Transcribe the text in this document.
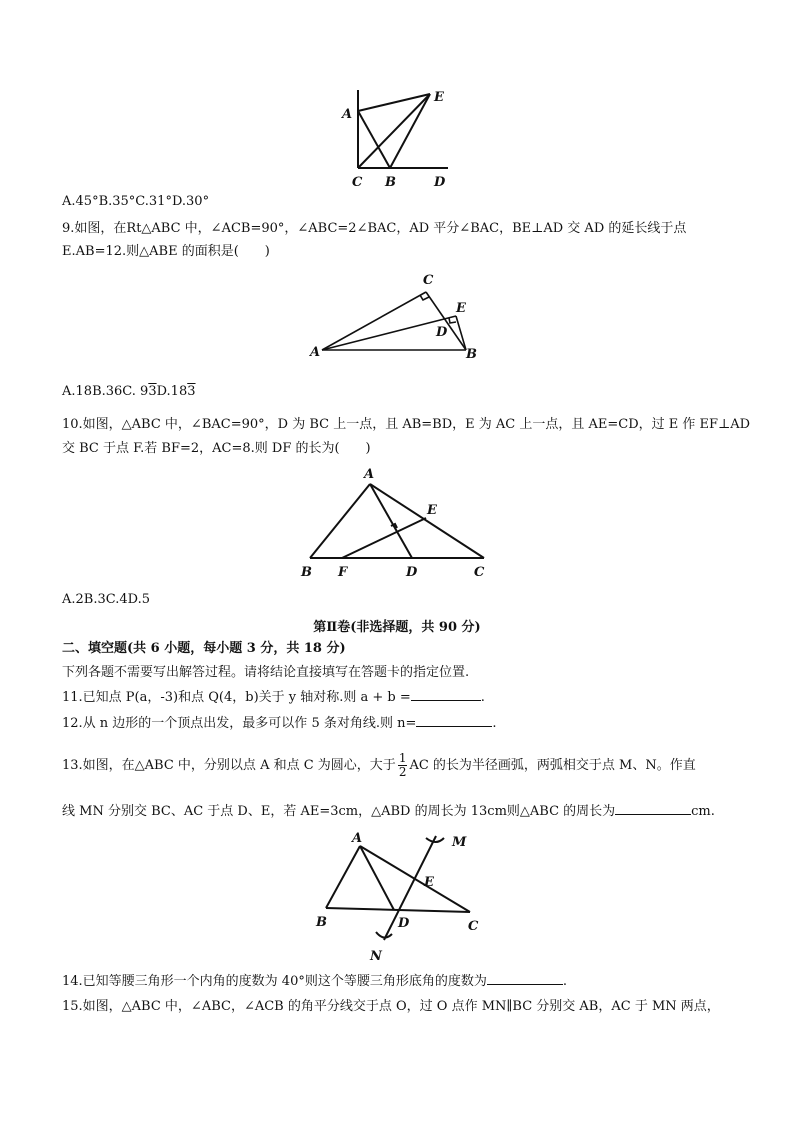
A
E
C B	D
A.45°B.35°C.31°D.30°
9.如图，在Rt△ABC 中，∠ACB=90°，∠ABC=2∠BAC，AD 平分∠BAC，BE⊥AD 交 AD 的延长线于点
E.AB=12.则△ABE 的面积是(　　)
C
E
D
A	B
A.18B.36C. 93D.183
10.如图，△ABC 中，∠BAC=90°，D 为 BC 上一点，且 AB=BD，E 为 AC 上一点，且 AE=CD，过 E 作 EF⊥AD
交 BC 于点 F.若 BF=2，AC=8.则 DF 的长为(　　)
A
E
B F	D	C
A.2B.3C.4D.5
第Ⅱ卷(非选择题，共 90 分)
二、填空题(共 6 小题，每小题 3 分，共 18 分)
下列各题不需要写出解答过程。请将结论直接填写在答题卡的指定位置.
11.已知点 P(a，-3)和点 Q(4，b)关于 y 轴对称.则 a + b =	.
12.从 n 边形的一个顶点出发，最多可以作 5 条对角线.则 n=	.
13.如图，在△ABC 中，分别以点 A 和点 C 为圆心，大于 $\frac{1}{2}$ AC 的长为半径画弧，两弧相交于点 M、N。作直
线 MN 分别交 BC、AC 于点 D、E，若 AE=3cm，△ABD 的周长为 13cm则△ABC 的周长为	cm.
A	M
E
B	D	C
N
14.已知等腰三角形一个内角的度数为 40°则这个等腰三角形底角的度数为	.
15.如图，△ABC 中，∠ABC，∠ACB 的角平分线交于点 O，过 O 点作 MN∥BC 分别交 AB，AC 于 MN 两点，
